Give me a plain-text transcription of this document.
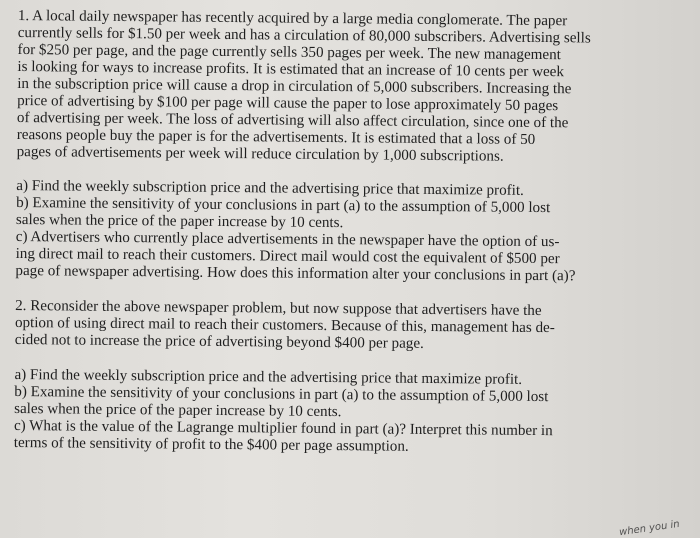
1. A local daily newspaper has recently acquired by a large media conglomerate. The paper
currently sells for $1.50 per week and has a circulation of 80,000 subscribers. Advertising sells
for $250 per page, and the page currently sells 350 pages per week. The new management
is looking for ways to increase profits. It is estimated that an increase of 10 cents per week
in the subscription price will cause a drop in circulation of 5,000 subscribers. Increasing the
price of advertising by $100 per page will cause the paper to lose approximately 50 pages
of advertising per week. The loss of advertising will also affect circulation, since one of the
reasons people buy the paper is for the advertisements. It is estimated that a loss of 50
pages of advertisements per week will reduce circulation by 1,000 subscriptions.
a) Find the weekly subscription price and the advertising price that maximize profit.
b) Examine the sensitivity of your conclusions in part (a) to the assumption of 5,000 lost
sales when the price of the paper increase by 10 cents.
c) Advertisers who currently place advertisements in the newspaper have the option of us-
ing direct mail to reach their customers. Direct mail would cost the equivalent of $500 per
page of newspaper advertising. How does this information alter your conclusions in part (a)?
2. Reconsider the above newspaper problem, but now suppose that advertisers have the
option of using direct mail to reach their customers. Because of this, management has de-
cided not to increase the price of advertising beyond $400 per page.
a) Find the weekly subscription price and the advertising price that maximize profit.
b) Examine the sensitivity of your conclusions in part (a) to the assumption of 5,000 lost
sales when the price of the paper increase by 10 cents.
c) What is the value of the Lagrange multiplier found in part (a)? Interpret this number in
terms of the sensitivity of profit to the $400 per page assumption.
when you in
